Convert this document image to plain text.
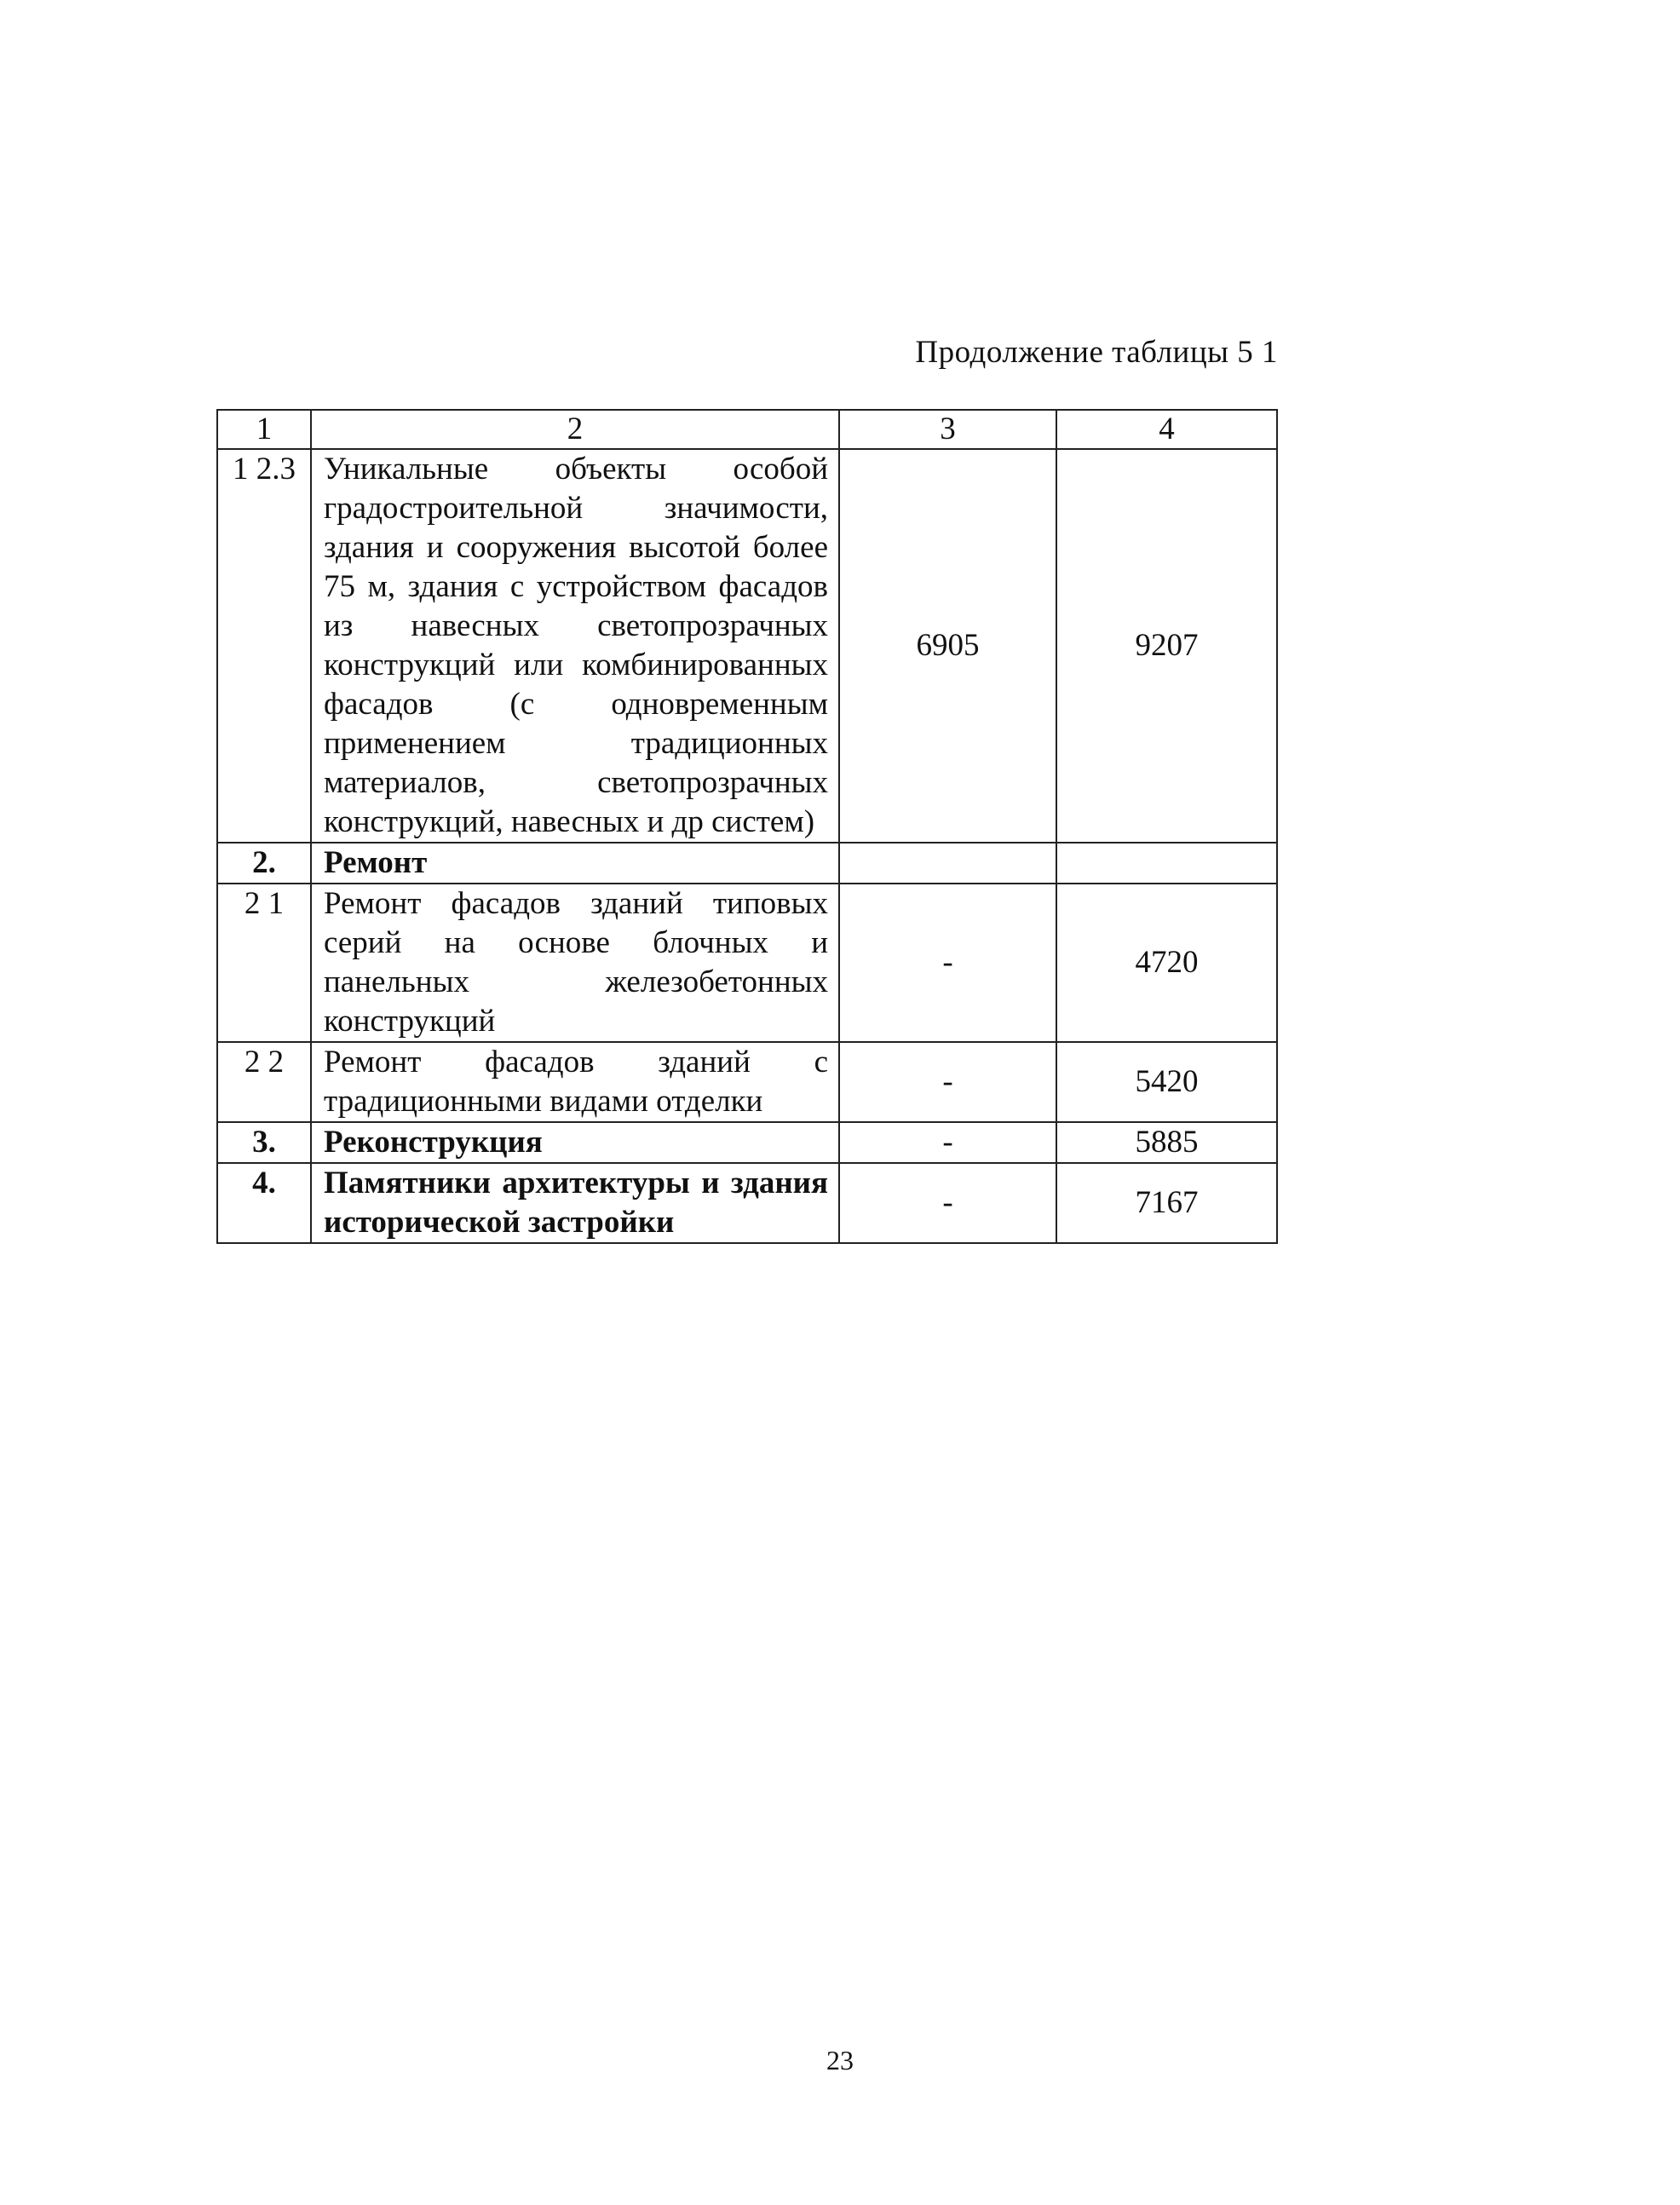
Продолжение таблицы 5 1
1	2	3	4
1 2.3	Уникальные объекты особой градостроительной значимости, здания и сооружения высотой более 75 м, здания с устройством фасадов из навесных светопрозрачных конструкций или комбинированных фасадов (с одновременным применением традиционных материалов, светопрозрачных конструкций, навесных и др систем)	6905	9207
2.	Ремонт		
2 1	Ремонт фасадов зданий типовых серий на основе блочных и панельных железобетонных конструкций	-	4720
2 2	Ремонт фасадов зданий с традиционными видами отделки	-	5420
3.	Реконструкция	-	5885
4.	Памятники архитектуры и здания исторической застройки	-	7167
23
